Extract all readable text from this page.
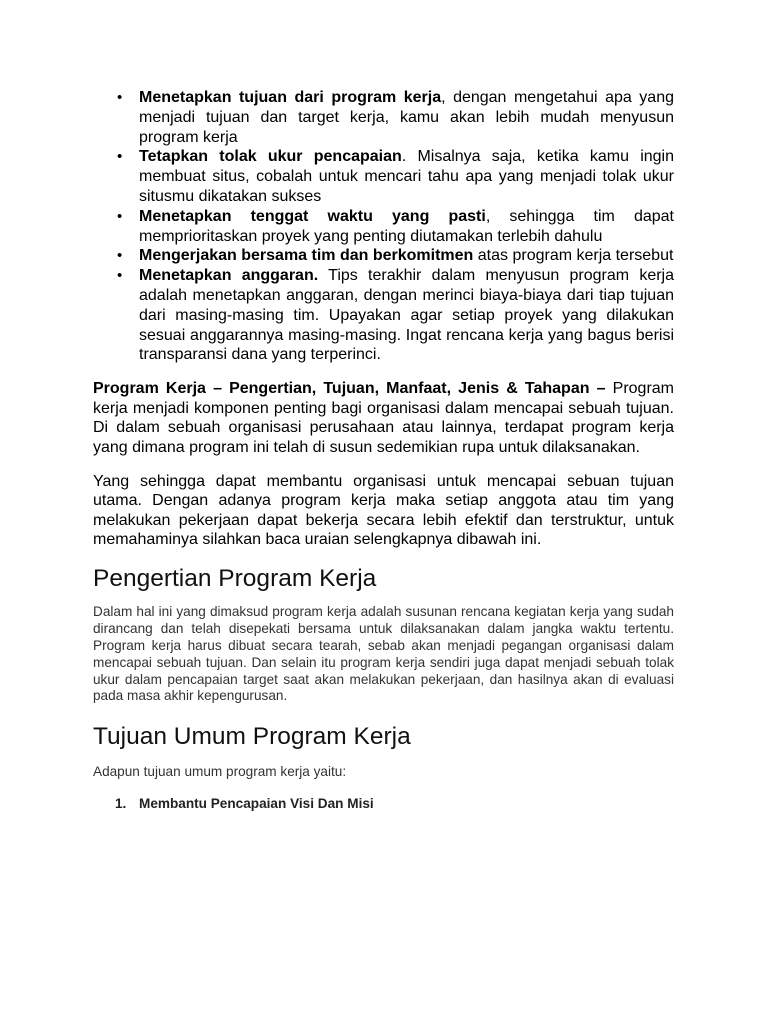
• Menetapkan tujuan dari program kerja, dengan mengetahui apa yang menjadi tujuan dan target kerja, kamu akan lebih mudah menyusun program kerja
• Tetapkan tolak ukur pencapaian. Misalnya saja, ketika kamu ingin membuat situs, cobalah untuk mencari tahu apa yang menjadi tolak ukur situsmu dikatakan sukses
• Menetapkan tenggat waktu yang pasti, sehingga tim dapat memprioritaskan proyek yang penting diutamakan terlebih dahulu
• Mengerjakan bersama tim dan berkomitmen atas program kerja tersebut
• Menetapkan anggaran. Tips terakhir dalam menyusun program kerja adalah menetapkan anggaran, dengan merinci biaya-biaya dari tiap tujuan dari masing-masing tim. Upayakan agar setiap proyek yang dilakukan sesuai anggarannya masing-masing. Ingat rencana kerja yang bagus berisi transparansi dana yang terperinci.

Program Kerja – Pengertian, Tujuan, Manfaat, Jenis & Tahapan – Program kerja menjadi komponen penting bagi organisasi dalam mencapai sebuah tujuan. Di dalam sebuah organisasi perusahaan atau lainnya, terdapat program kerja yang dimana program ini telah di susun sedemikian rupa untuk dilaksanakan.

Yang sehingga dapat membantu organisasi untuk mencapai sebuan tujuan utama. Dengan adanya program kerja maka setiap anggota atau tim yang melakukan pekerjaan dapat bekerja secara lebih efektif dan terstruktur, untuk memahaminya silahkan baca uraian selengkapnya dibawah ini.

Pengertian Program Kerja

Dalam hal ini yang dimaksud program kerja adalah susunan rencana kegiatan kerja yang sudah dirancang dan telah disepekati bersama untuk dilaksanakan dalam jangka waktu tertentu. Program kerja harus dibuat secara tearah, sebab akan menjadi pegangan organisasi dalam mencapai sebuah tujuan. Dan selain itu program kerja sendiri juga dapat menjadi sebuah tolak ukur dalam pencapaian target saat akan melakukan pekerjaan, dan hasilnya akan di evaluasi pada masa akhir kepengurusan.

Tujuan Umum Program Kerja

Adapun tujuan umum program kerja yaitu:

1. Membantu Pencapaian Visi Dan Misi
